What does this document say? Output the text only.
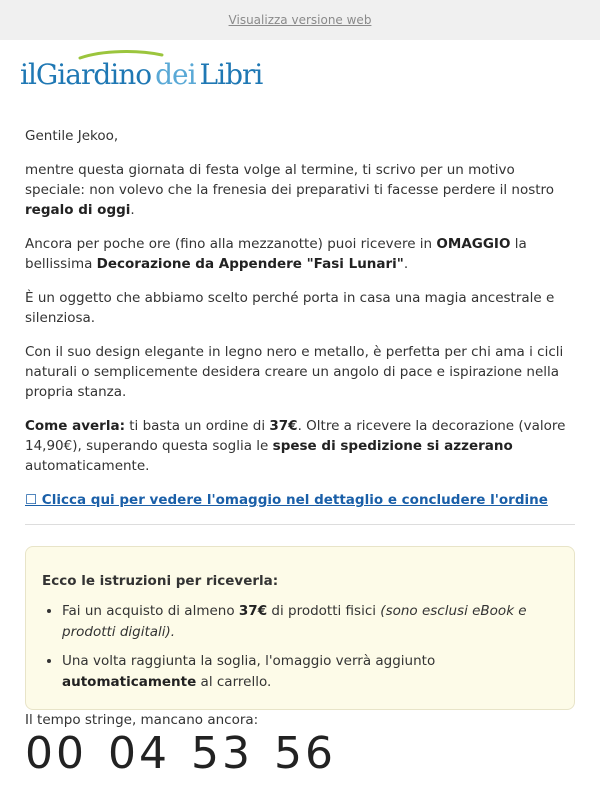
Visualizza versione web
il Giardino dei Libri

Gentile Jekoo,

mentre questa giornata di festa volge al termine, ti scrivo per un motivo speciale: non volevo che la frenesia dei preparativi ti facesse perdere il nostro regalo di oggi.

Ancora per poche ore (fino alla mezzanotte) puoi ricevere in OMAGGIO la bellissima Decorazione da Appendere "Fasi Lunari".

È un oggetto che abbiamo scelto perché porta in casa una magia ancestrale e silenziosa.

Con il suo design elegante in legno nero e metallo, è perfetta per chi ama i cicli naturali o semplicemente desidera creare un angolo di pace e ispirazione nella propria stanza.

Come averla: ti basta un ordine di 37€. Oltre a ricevere la decorazione (valore 14,90€), superando questa soglia le spese di spedizione si azzerano automaticamente.

☐ Clicca qui per vedere l'omaggio nel dettaglio e concludere l'ordine

Ecco le istruzioni per riceverla:

• Fai un acquisto di almeno 37€ di prodotti fisici (sono esclusi eBook e prodotti digitali).
• Una volta raggiunta la soglia, l'omaggio verrà aggiunto automaticamente al carrello.

Il tempo stringe, mancano ancora:

00 04 53 56
